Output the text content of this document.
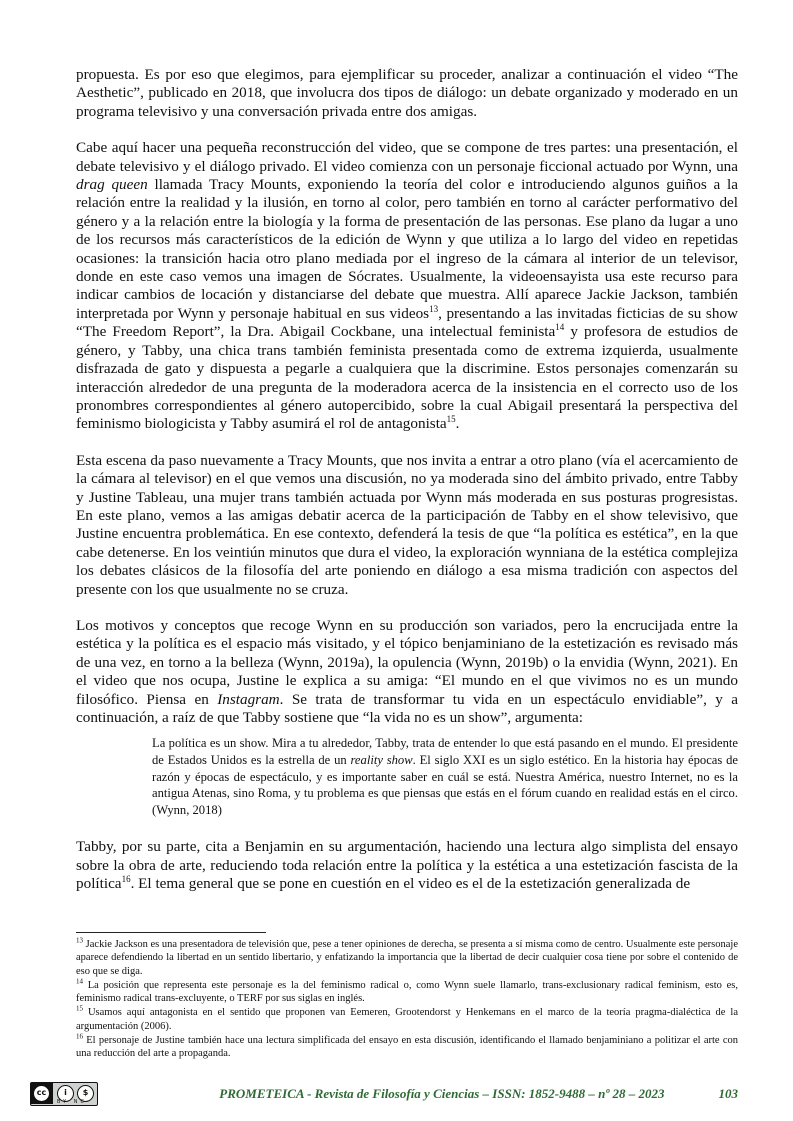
propuesta. Es por eso que elegimos, para ejemplificar su proceder, analizar a continuación el video “The Aesthetic”, publicado en 2018, que involucra dos tipos de diálogo: un debate organizado y moderado en un programa televisivo y una conversación privada entre dos amigas.

Cabe aquí hacer una pequeña reconstrucción del video, que se compone de tres partes: una presentación, el debate televisivo y el diálogo privado. El video comienza con un personaje ficcional actuado por Wynn, una drag queen llamada Tracy Mounts, exponiendo la teoría del color e introduciendo algunos guiños a la relación entre la realidad y la ilusión, en torno al color, pero también en torno al carácter performativo del género y a la relación entre la biología y la forma de presentación de las personas. Ese plano da lugar a uno de los recursos más característicos de la edición de Wynn y que utiliza a lo largo del video en repetidas ocasiones: la transición hacia otro plano mediada por el ingreso de la cámara al interior de un televisor, donde en este caso vemos una imagen de Sócrates. Usualmente, la videoensayista usa este recurso para indicar cambios de locación y distanciarse del debate que muestra. Allí aparece Jackie Jackson, también interpretada por Wynn y personaje habitual en sus videos$^{13}$, presentando a las invitadas ficticias de su show “The Freedom Report”, la Dra. Abigail Cockbane, una intelectual feminista$^{14}$ y profesora de estudios de género, y Tabby, una chica trans también feminista presentada como de extrema izquierda, usualmente disfrazada de gato y dispuesta a pegarle a cualquiera que la discrimine. Estos personajes comenzarán su interacción alrededor de una pregunta de la moderadora acerca de la insistencia en el correcto uso de los pronombres correspondientes al género autopercibido, sobre la cual Abigail presentará la perspectiva del feminismo biologicista y Tabby asumirá el rol de antagonista$^{15}$.

Esta escena da paso nuevamente a Tracy Mounts, que nos invita a entrar a otro plano (vía el acercamiento de la cámara al televisor) en el que vemos una discusión, no ya moderada sino del ámbito privado, entre Tabby y Justine Tableau, una mujer trans también actuada por Wynn más moderada en sus posturas progresistas. En este plano, vemos a las amigas debatir acerca de la participación de Tabby en el show televisivo, que Justine encuentra problemática. En ese contexto, defenderá la tesis de que “la política es estética”, en la que cabe detenerse. En los veintiún minutos que dura el video, la exploración wynniana de la estética complejiza los debates clásicos de la filosofía del arte poniendo en diálogo a esa misma tradición con aspectos del presente con los que usualmente no se cruza.

Los motivos y conceptos que recoge Wynn en su producción son variados, pero la encrucijada entre la estética y la política es el espacio más visitado, y el tópico benjaminiano de la estetización es revisado más de una vez, en torno a la belleza (Wynn, 2019a), la opulencia (Wynn, 2019b) o la envidia (Wynn, 2021). En el video que nos ocupa, Justine le explica a su amiga: “El mundo en el que vivimos no es un mundo filosófico. Piensa en Instagram. Se trata de transformar tu vida en un espectáculo envidiable”, y a continuación, a raíz de que Tabby sostiene que “la vida no es un show”, argumenta:

La política es un show. Mira a tu alrededor, Tabby, trata de entender lo que está pasando en el mundo. El presidente de Estados Unidos es la estrella de un reality show. El siglo XXI es un siglo estético. En la historia hay épocas de razón y épocas de espectáculo, y es importante saber en cuál se está. Nuestra América, nuestro Internet, no es la antigua Atenas, sino Roma, y tu problema es que piensas que estás en el fórum cuando en realidad estás en el circo. (Wynn, 2018)

Tabby, por su parte, cita a Benjamin en su argumentación, haciendo una lectura algo simplista del ensayo sobre la obra de arte, reduciendo toda relación entre la política y la estética a una estetización fascista de la política$^{16}$. El tema general que se pone en cuestión en el video es el de la estetización generalizada de

$^{13}$ Jackie Jackson es una presentadora de televisión que, pese a tener opiniones de derecha, se presenta a sí misma como de centro. Usualmente este personaje aparece defendiendo la libertad en un sentido libertario, y enfatizando la importancia que la libertad de decir cualquier cosa tiene por sobre el contenido de eso que se diga.

$^{14}$ La posición que representa este personaje es la del feminismo radical o, como Wynn suele llamarlo, trans-exclusionary radical feminism, esto es, feminismo radical trans-excluyente, o TERF por sus siglas en inglés.

$^{15}$ Usamos aquí antagonista en el sentido que proponen van Eemeren, Grootendorst y Henkemans en el marco de la teoría pragma-dialéctica de la argumentación (2006).

$^{16}$ El personaje de Justine también hace una lectura simplificada del ensayo en esta discusión, identificando el llamado benjaminiano a politizar el arte con una reducción del arte a propaganda.

cc	i	$
BY NC
PROMETEICA - Revista de Filosofía y Ciencias – ISSN: 1852-9488 – nº 28 – 2023	103
